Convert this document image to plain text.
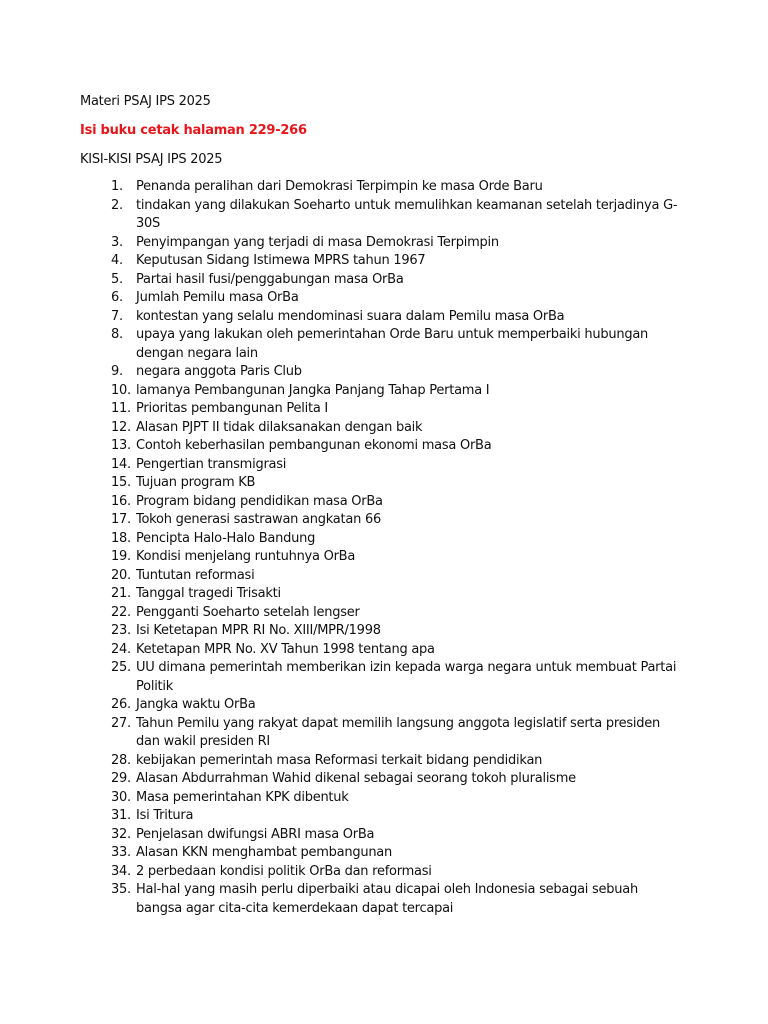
Materi PSAJ IPS 2025

Isi buku cetak halaman 229-266

KISI-KISI PSAJ IPS 2025

1. Penanda peralihan dari Demokrasi Terpimpin ke masa Orde Baru
2. tindakan yang dilakukan Soeharto untuk memulihkan keamanan setelah terjadinya G-30S
3. Penyimpangan yang terjadi di masa Demokrasi Terpimpin
4. Keputusan Sidang Istimewa MPRS tahun 1967
5. Partai hasil fusi/penggabungan masa OrBa
6. Jumlah Pemilu masa OrBa
7. kontestan yang selalu mendominasi suara dalam Pemilu masa OrBa
8. upaya yang lakukan oleh pemerintahan Orde Baru untuk memperbaiki hubungan dengan negara lain
9. negara anggota Paris Club
10. lamanya Pembangunan Jangka Panjang Tahap Pertama I
11. Prioritas pembangunan Pelita I
12. Alasan PJPT II tidak dilaksanakan dengan baik
13. Contoh keberhasilan pembangunan ekonomi masa OrBa
14. Pengertian transmigrasi
15. Tujuan program KB
16. Program bidang pendidikan masa OrBa
17. Tokoh generasi sastrawan angkatan 66
18. Pencipta Halo-Halo Bandung
19. Kondisi menjelang runtuhnya OrBa
20. Tuntutan reformasi
21. Tanggal tragedi Trisakti
22. Pengganti Soeharto setelah lengser
23. Isi Ketetapan MPR RI No. XIII/MPR/1998
24. Ketetapan MPR No. XV Tahun 1998 tentang apa
25. UU dimana pemerintah memberikan izin kepada warga negara untuk membuat Partai Politik
26. Jangka waktu OrBa
27. Tahun Pemilu yang rakyat dapat memilih langsung anggota legislatif serta presiden dan wakil presiden RI
28. kebijakan pemerintah masa Reformasi terkait bidang pendidikan
29. Alasan Abdurrahman Wahid dikenal sebagai seorang tokoh pluralisme
30. Masa pemerintahan KPK dibentuk
31. Isi Tritura
32. Penjelasan dwifungsi ABRI masa OrBa
33. Alasan KKN menghambat pembangunan
34. 2 perbedaan kondisi politik OrBa dan reformasi
35. Hal-hal yang masih perlu diperbaiki atau dicapai oleh Indonesia sebagai sebuah bangsa agar cita-cita kemerdekaan dapat tercapai
